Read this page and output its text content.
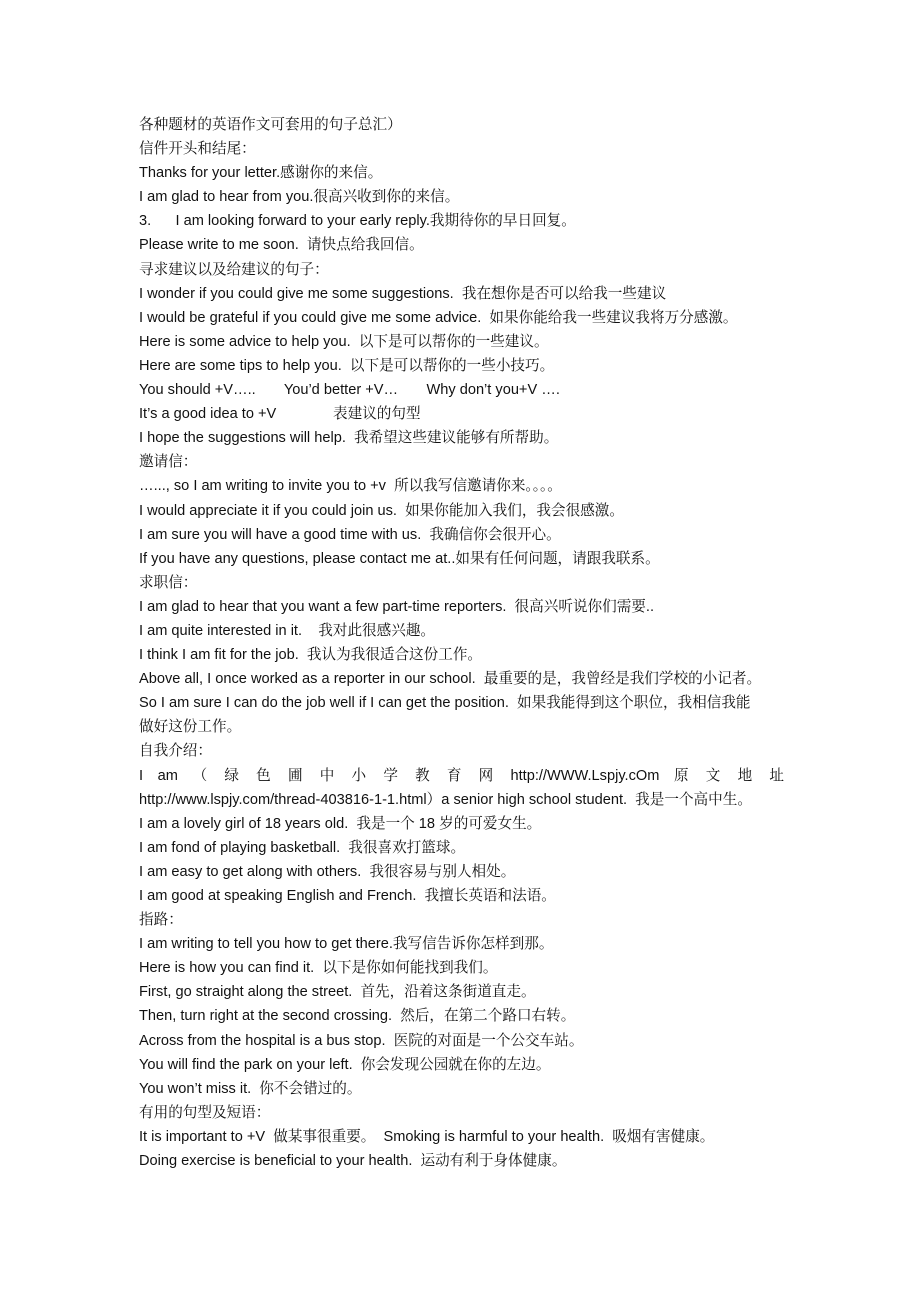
各种题材的英语作文可套用的句子总汇）
信件开头和结尾：
Thanks for your letter.感谢你的来信。
I am glad to hear from you.很高兴收到你的来信。
3.      I am looking forward to your early reply.我期待你的早日回复。
Please write to me soon.  请快点给我回信。
寻求建议以及给建议的句子：
I wonder if you could give me some suggestions.  我在想你是否可以给我一些建议
I would be grateful if you could give me some advice.  如果你能给我一些建议我将万分感激。
Here is some advice to help you.  以下是可以帮你的一些建议。
Here are some tips to help you.  以下是可以帮你的一些小技巧。
You should +V…..       You’d better +V…       Why don’t you+V ….
It’s a good idea to +V              表建议的句型
I hope the suggestions will help.  我希望这些建议能够有所帮助。
邀请信：
…..., so I am writing to invite you to +v  所以我写信邀请你来。。。。
I would appreciate it if you could join us.  如果你能加入我们，我会很感激。
I am sure you will have a good time with us.  我确信你会很开心。
If you have any questions, please contact me at..如果有任何问题，请跟我联系。
求职信：
I am glad to hear that you want a few part-time reporters.  很高兴听说你们需要..
I am quite interested in it.    我对此很感兴趣。
I think I am fit for the job.  我认为我很适合这份工作。
Above all, I once worked as a reporter in our school.  最重要的是，我曾经是我们学校的小记者。
So I am sure I can do the job well if I can get the position.  如果我能得到这个职位，我相信我能
做好这份工作。
自我介绍：
I am （ 绿 色 圃 中 小 学 教 育 网 http://WWW.Lspjy.cOm 原 文 地 址
http://www.lspjy.com/thread-403816-1-1.html）a senior high school student.  我是一个高中生。
I am a lovely girl of 18 years old.  我是一个 18 岁的可爱女生。
I am fond of playing basketball.  我很喜欢打篮球。
I am easy to get along with others.  我很容易与别人相处。
I am good at speaking English and French.  我擅长英语和法语。
指路：
I am writing to tell you how to get there.我写信告诉你怎样到那。
Here is how you can find it.  以下是你如何能找到我们。
First, go straight along the street.  首先，沿着这条街道直走。
Then, turn right at the second crossing.  然后，在第二个路口右转。
Across from the hospital is a bus stop.  医院的对面是一个公交车站。
You will find the park on your left.  你会发现公园就在你的左边。
You won’t miss it.  你不会错过的。
有用的句型及短语：
It is important to +V  做某事很重要。  Smoking is harmful to your health.  吸烟有害健康。
Doing exercise is beneficial to your health.  运动有利于身体健康。
